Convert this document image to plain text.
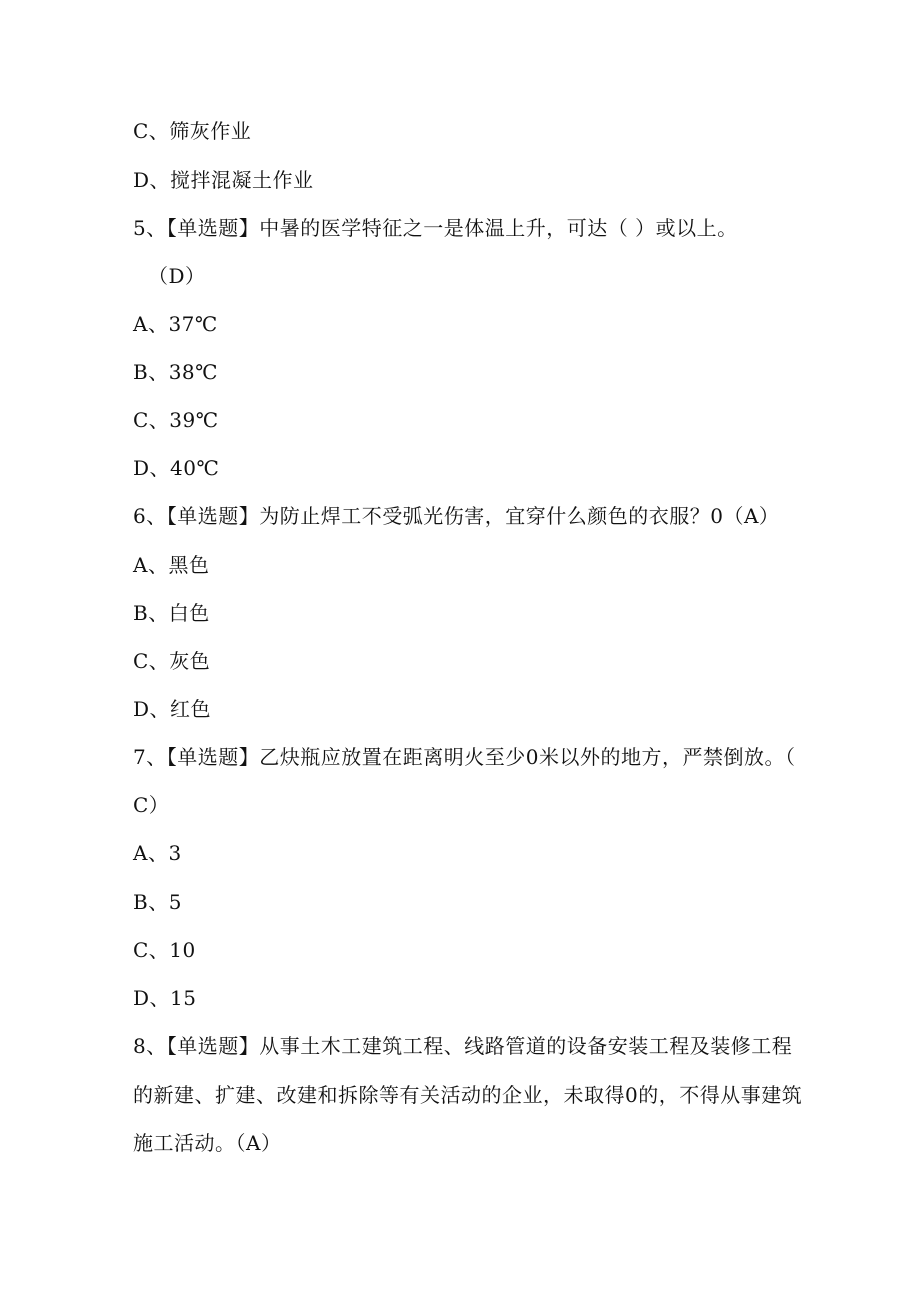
C、筛灰作业
D、搅拌混凝土作业
5、【单选题】中暑的医学特征之一是体温上升，可达（ ）或以上。
（D）
A、37℃
B、38℃
C、39℃
D、40℃
6、【单选题】为防止焊工不受弧光伤害，宜穿什么颜色的衣服？0（A）
A、黑色
B、白色
C、灰色
D、红色
7、【单选题】乙炔瓶应放置在距离明火至少0米以外的地方，严禁倒放。（
C）
A、3
B、5
C、10
D、15
8、【单选题】从事土木工建筑工程、线路管道的设备安装工程及装修工程
的新建、扩建、改建和拆除等有关活动的企业，未取得0的，不得从事建筑
施工活动。（A）
